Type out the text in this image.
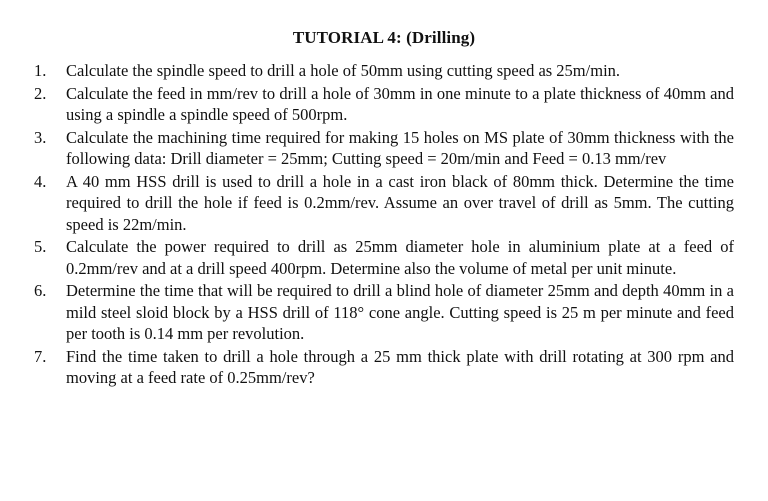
TUTORIAL 4: (Drilling)
1.	Calculate the spindle speed to drill a hole of 50mm using cutting speed as 25m/min.
2.	Calculate the feed in mm/rev to drill a hole of 30mm in one minute to a plate thickness of 40mm and using a spindle a spindle speed of 500rpm.
3.	Calculate the machining time required for making 15 holes on MS plate of 30mm thickness with the following data: Drill diameter = 25mm; Cutting speed = 20m/min and Feed = 0.13 mm/rev
4.	A 40 mm HSS drill is used to drill a hole in a cast iron black of 80mm thick. Determine the time required to drill the hole if feed is 0.2mm/rev. Assume an over travel of drill as 5mm. The cutting speed is 22m/min.
5.	Calculate the power required to drill as 25mm diameter hole in aluminium plate at a feed of 0.2mm/rev and at a drill speed 400rpm. Determine also the volume of metal per unit minute.
6.	Determine the time that will be required to drill a blind hole of diameter 25mm and depth 40mm in a mild steel sloid block by a HSS drill of 118° cone angle. Cutting speed is 25 m per minute and feed per tooth is 0.14 mm per revolution.
7.	Find the time taken to drill a hole through a 25 mm thick plate with drill rotating at 300 rpm and moving at a feed rate of 0.25mm/rev?
